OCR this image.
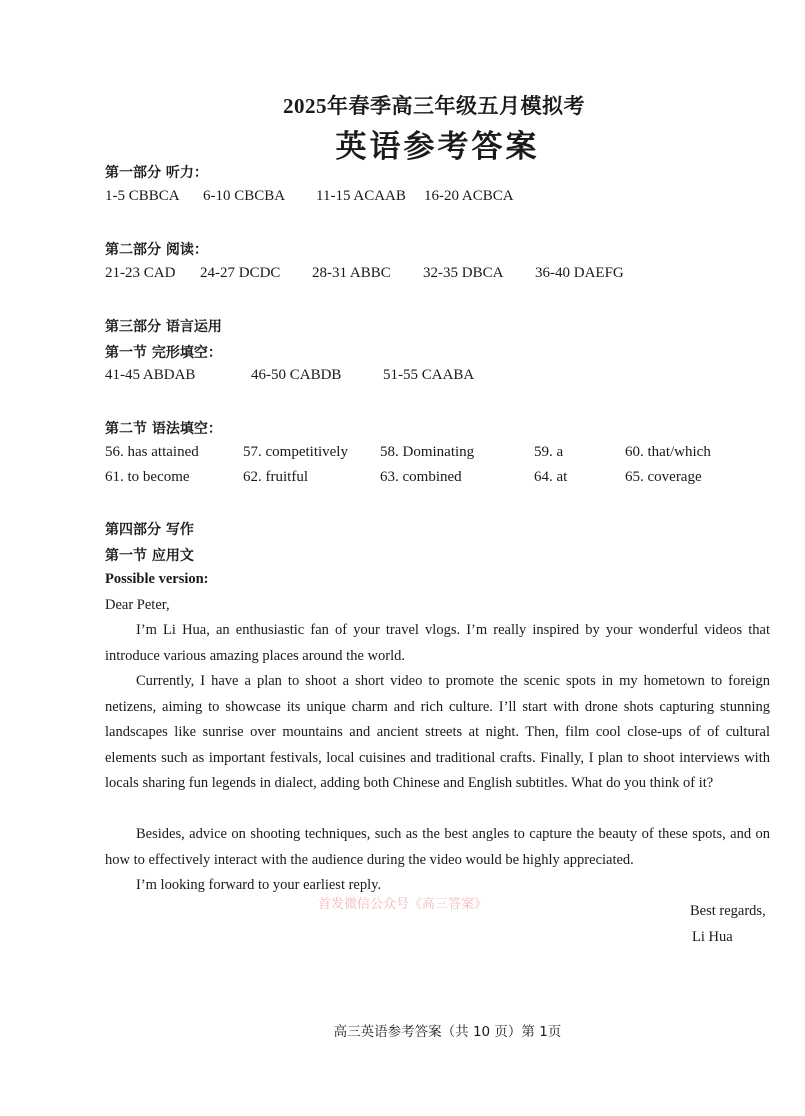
2025年春季高三年级五月模拟考
英语参考答案
第一部分 听力：
1-5 CBBCA 6-10 CBCBA 11-15 ACAAB 16-20 ACBCA
第二部分 阅读：
21-23 CAD 24-27 DCDC 28-31 ABBC 32-35 DBCA 36-40 DAEFG
第三部分 语言运用
第一节 完形填空：
41-45 ABDAB	46-50 CABDB	51-55 CAABA
第二节 语法填空：
56. has attained	57. competitively 58. Dominating	59. a	60. that/which
61. to become	62. fruitful	63. combined	64. at	65. coverage
第四部分 写作
第一节 应用文
Possible version:
Dear Peter,

I’m Li Hua, an enthusiastic fan of your travel vlogs. I’m really inspired by your wonderful videos that introduce various amazing places around the world.

Currently, I have a plan to shoot a short video to promote the scenic spots in my hometown to foreign netizens, aiming to showcase its unique charm and rich culture. I’ll start with drone shots capturing stunning landscapes like sunrise over mountains and ancient streets at night. Then, film cool close-ups of of cultural elements such as important festivals, local cuisines and traditional crafts. Finally, I plan to shoot interviews with locals sharing fun legends in dialect, adding both Chinese and English subtitles. What do you think of it?

Besides, advice on shooting techniques, such as the best angles to capture the beauty of these spots, and on how to effectively interact with the audience during the video would be highly appreciated.

I’m looking forward to your earliest reply.

首发微信公众号《高三答案》	Best regards,
Li Hua
高三英语参考答案（共 10 页）第 1页
